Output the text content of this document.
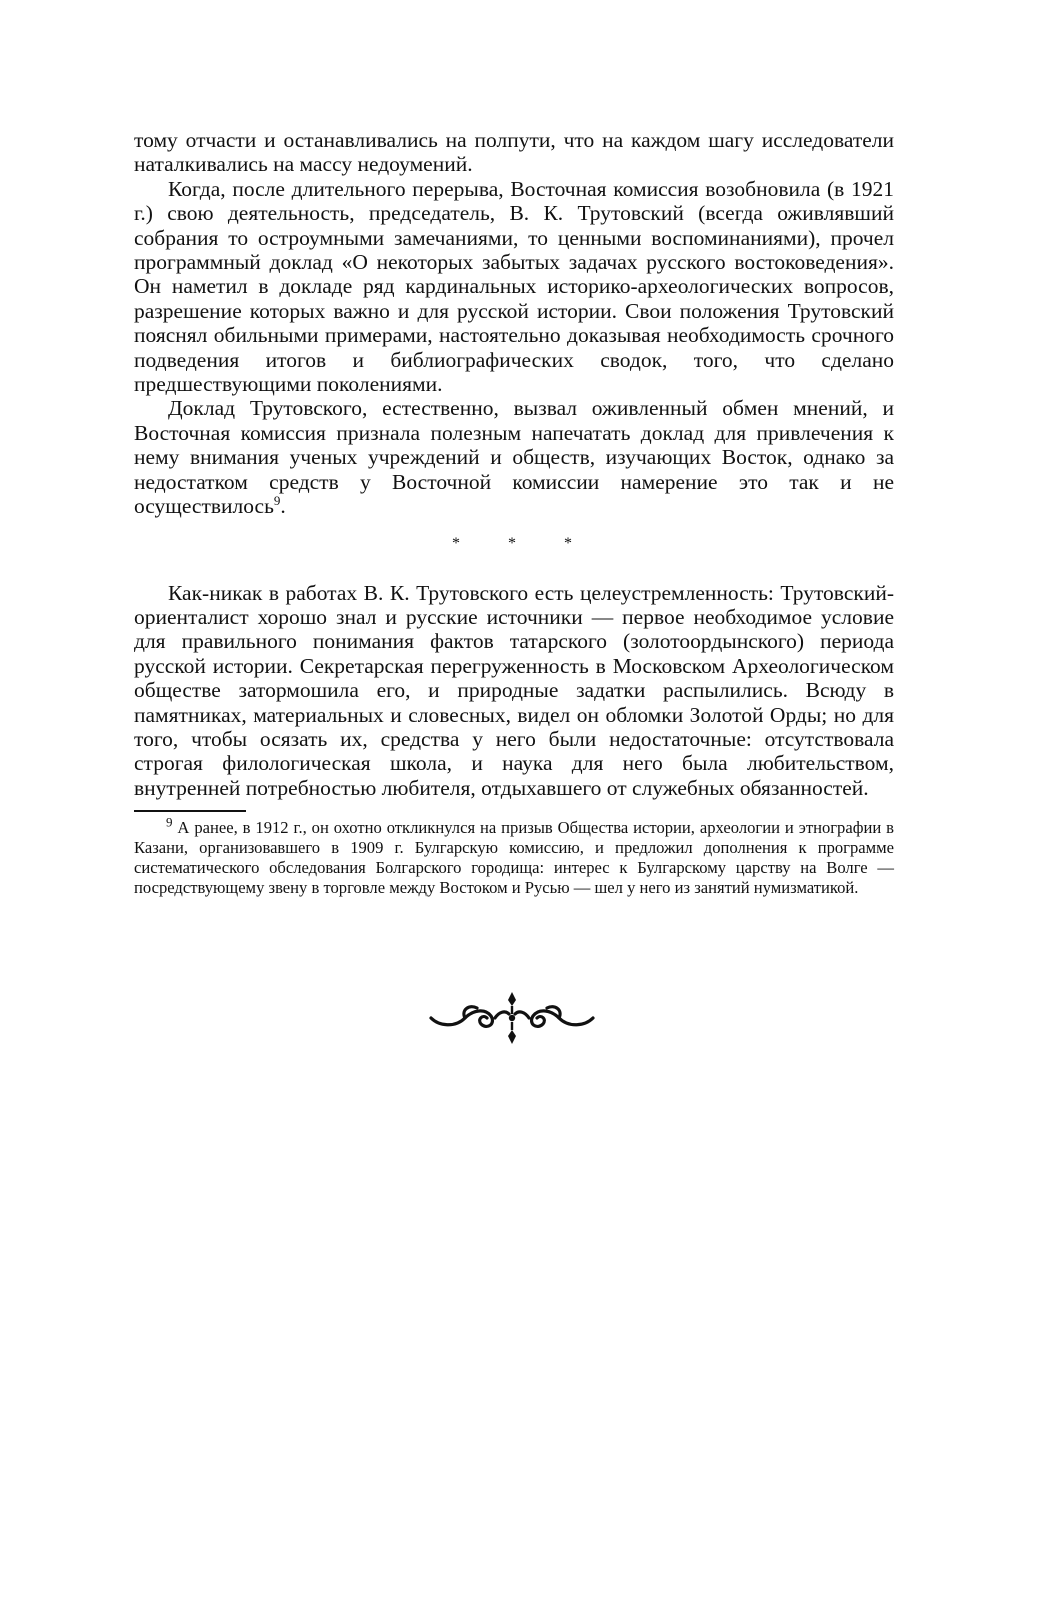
тому отчасти и останавливались на полпути, что на каждом шагу исследователи наталкивались на массу недоумений.

Когда, после длительного перерыва, Восточная комиссия возобновила (в 1921 г.) свою деятельность, председатель, В. К. Трутовский (всегда оживлявший собрания то остроумными замечаниями, то ценными воспоминаниями), прочел программный доклад «О некоторых забытых задачах русского востоковедения». Он наметил в докладе ряд кардинальных историко-археологических вопросов, разрешение которых важно и для русской истории. Свои положения Трутовский пояснял обильными примерами, настоятельно доказывая необходимость срочного подведения итогов и библиографических сводок, того, что сделано предшествующими поколениями.

Доклад Трутовского, естественно, вызвал оживленный обмен мнений, и Восточная комиссия признала полезным напечатать доклад для привлечения к нему внимания ученых учреждений и обществ, изучающих Восток, однако за недостатком средств у Восточной комиссии намерение это так и не осуществилось$^9$.

* * *

Как-никак в работах В. К. Трутовского есть целеустремленность: Трутовский-ориенталист хорошо знал и русские источники — первое необходимое условие для правильного понимания фактов татарского (золотоордынского) периода русской истории. Секретарская перегруженность в Московском Археологическом обществе затормошила его, и природные задатки распылились. Всюду в памятниках, материальных и словесных, видел он обломки Золотой Орды; но для того, чтобы осязать их, средства у него были недостаточные: отсутствовала строгая филологическая школа, и наука для него была любительством, внутренней потребностью любителя, отдыхавшего от служебных обязанностей.

$^9$ А ранее, в 1912 г., он охотно откликнулся на призыв Общества истории, археологии и этнографии в Казани, организовавшего в 1909 г. Булгарскую комиссию, и предложил дополнения к программе систематического обследования Болгарского городища: интерес к Булгарскому царству на Волге — посредствующему звену в торговле между Востоком и Русью — шел у него из занятий нумизматикой.
